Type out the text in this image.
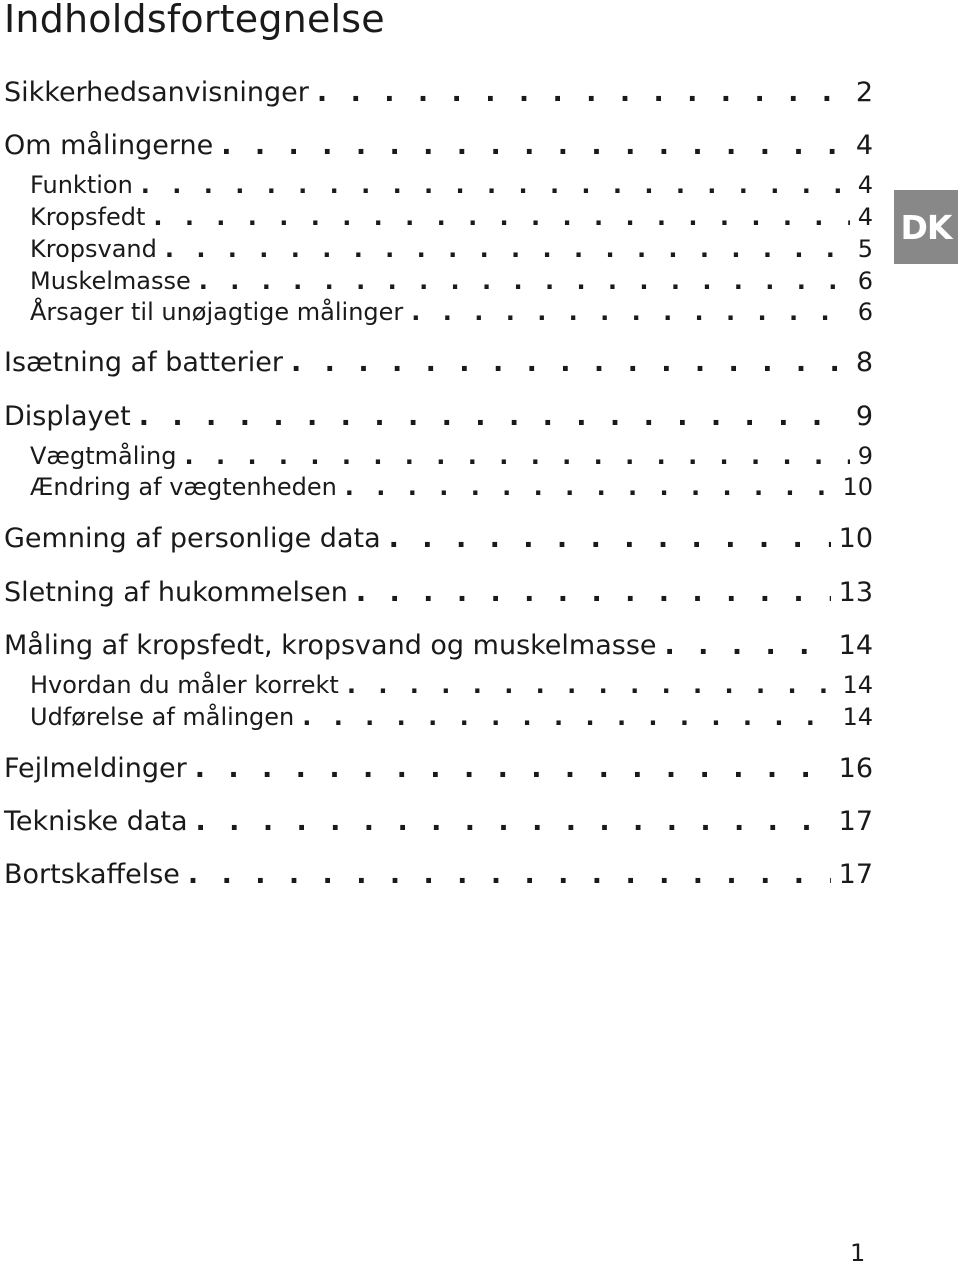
Indholdsfortegnelse
Sikkerhedsanvisninger . . .	2
Om målingerne . . .	4
Funktion . . .	4
Kropsfedt . . .	4
Kropsvand . . .	5
Muskelmasse . . .	6
Årsager til unøjagtige målinger . . .	6
Isætning af batterier . . .	8
Displayet . . .	9
Vægtmåling . . .	9
Ændring af vægtenheden . . .	10
Gemning af personlige data . . .	10
Sletning af hukommelsen . . .	13
Måling af kropsfedt, kropsvand og muskelmasse . . .	14
Hvordan du måler korrekt . . .	14
Udførelse af målingen . . .	14
Fejlmeldinger . . .	16
Tekniske data . . .	17
Bortskaffelse . . .	17
DK
1
